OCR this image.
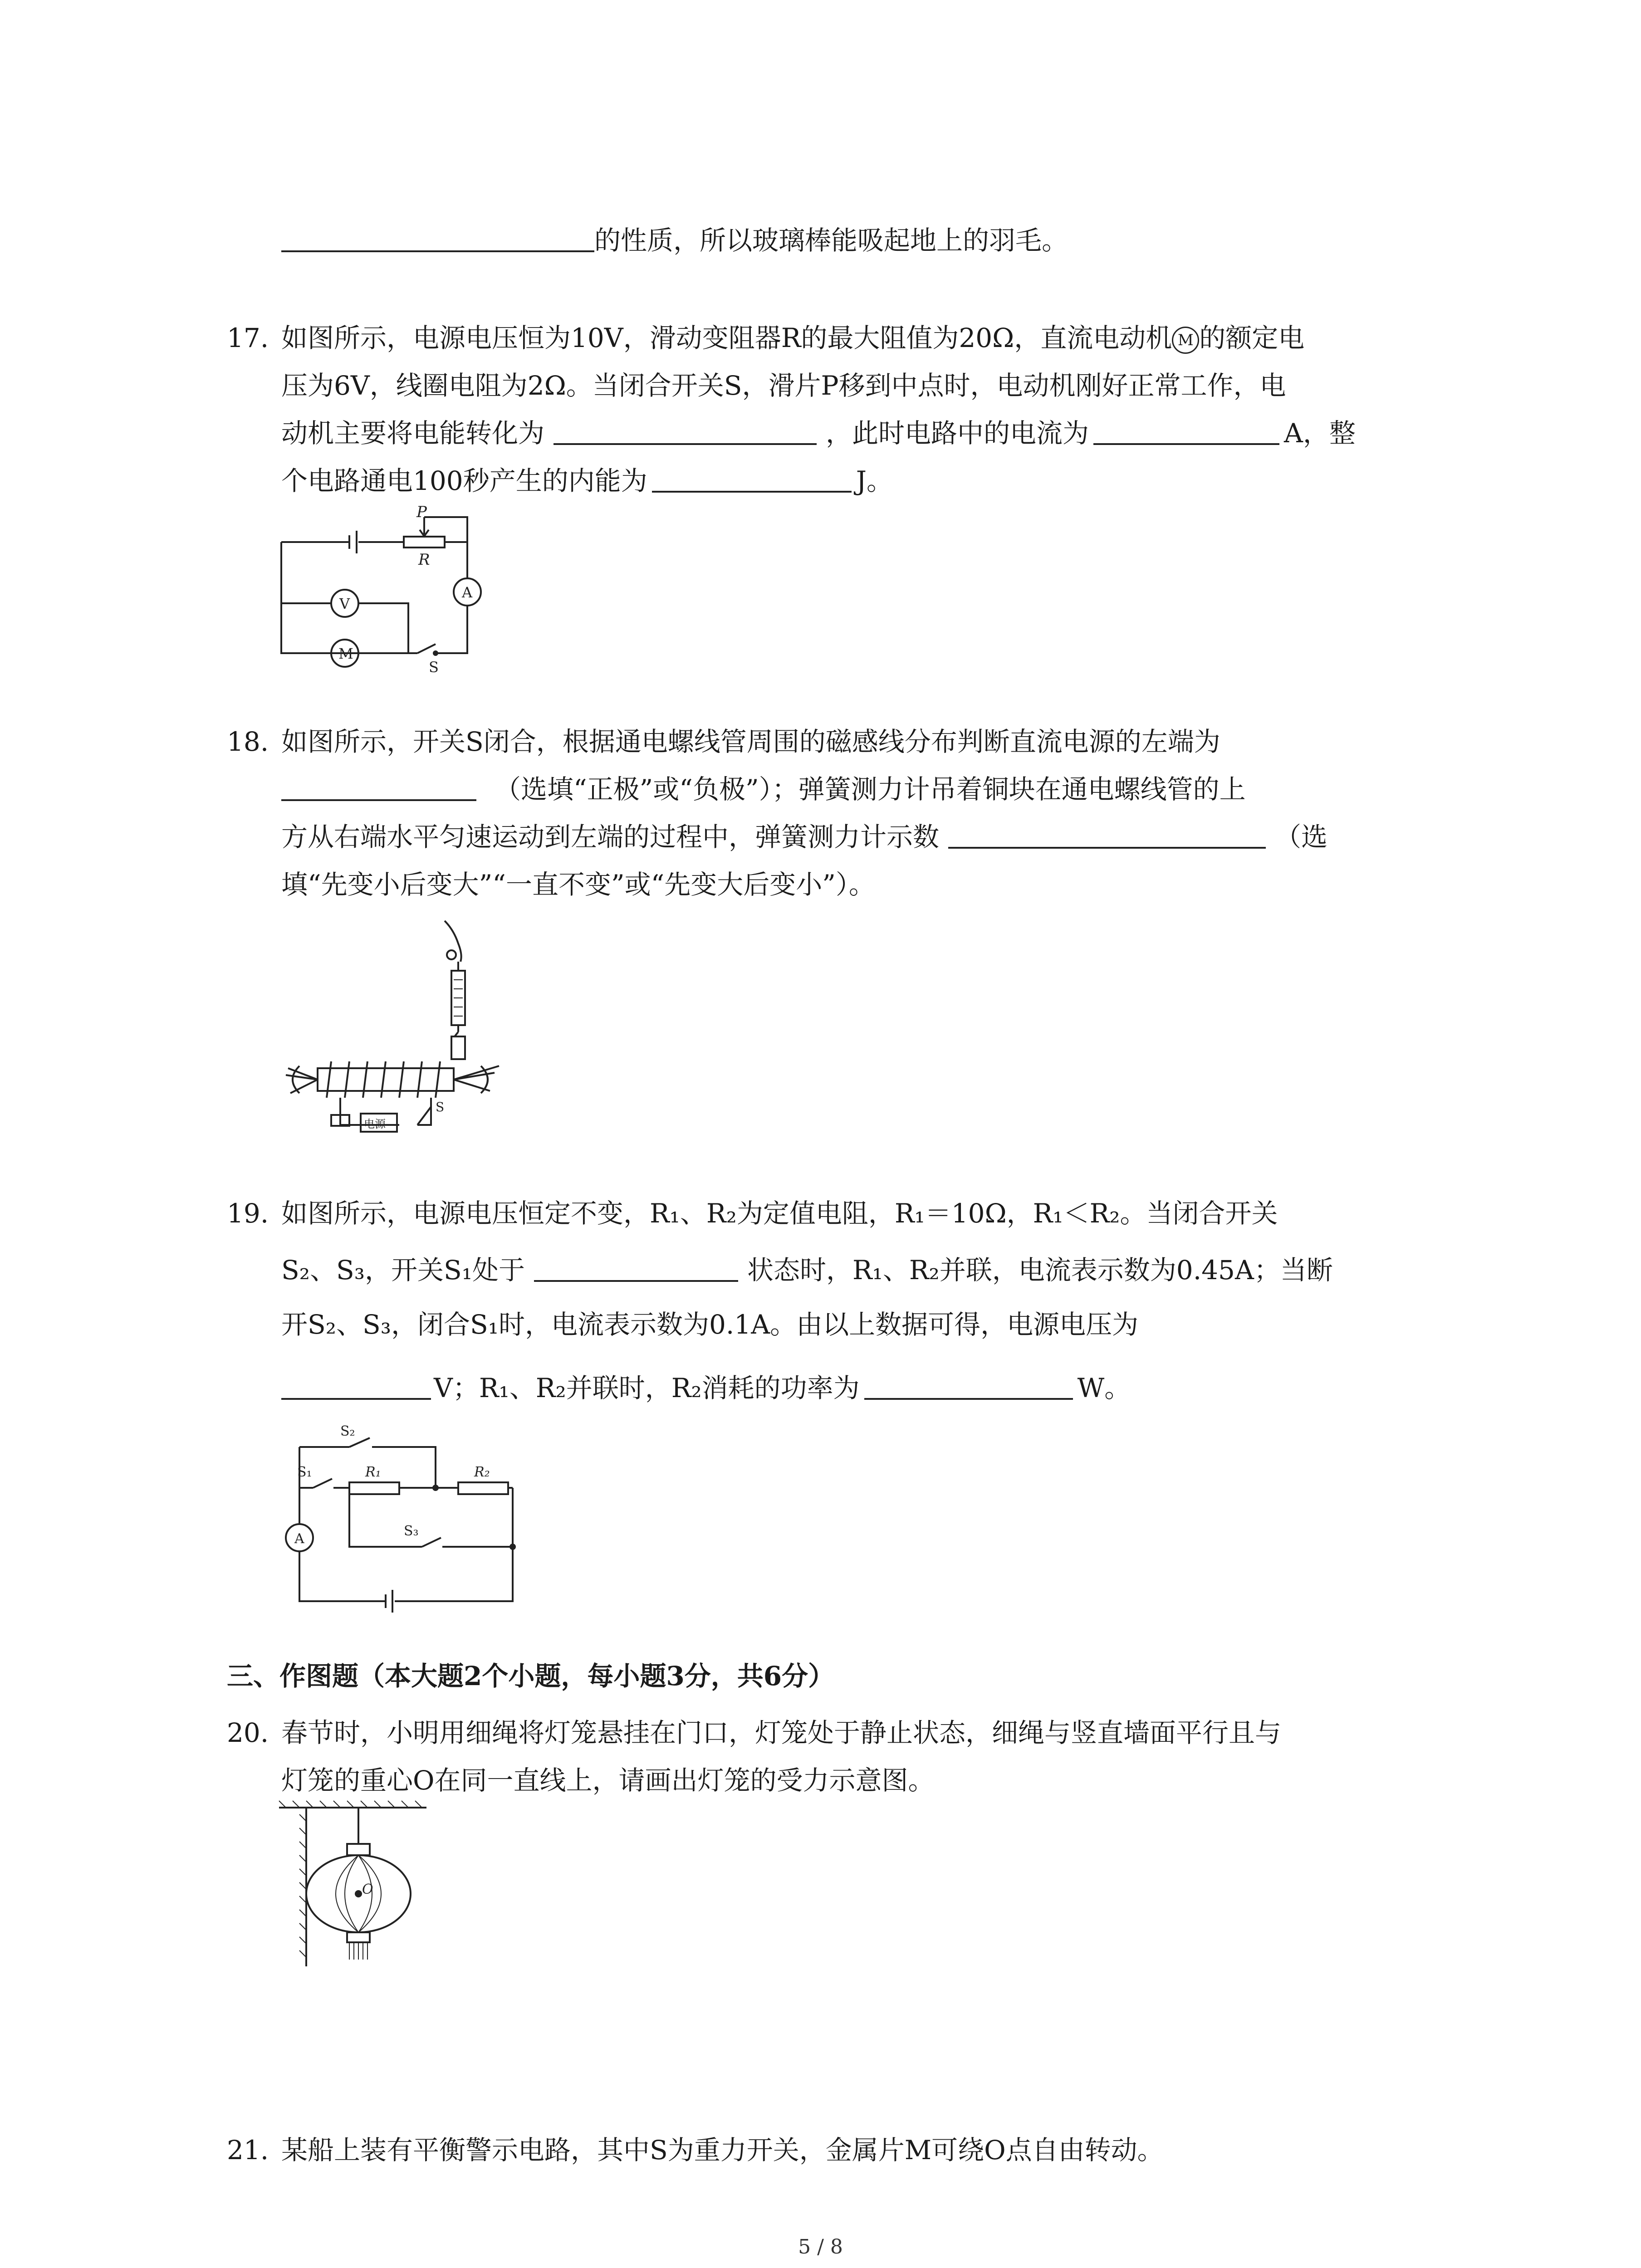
的性质，所以玻璃棒能吸起地上的羽毛。
17. 如图所示，电源电压恒为10V，滑动变阻器R的最大阻值为20Ω，直流电动机 M 的额定电
压为6V，线圈电阻为2Ω。当闭合开关S，滑片P移到中点时，电动机刚好正常工作，电
动机主要将电能转化为	，此时电路中的电流为	A，整
个电路通电100秒产生的内能为	J。
P
R
A
V
M
S
18. 如图所示，开关S闭合，根据通电螺线管周围的磁感线分布判断直流电源的左端为
（选填“正极”或“负极”）；弹簧测力计吊着铜块在通电螺线管的上
方从右端水平匀速运动到左端的过程中，弹簧测力计示数	（选
填“先变小后变大”“一直不变”或“先变大后变小”）。
电源
S
19. 如图所示，电源电压恒定不变，R₁、R₂为定值电阻，R₁＝10Ω，R₁＜R₂。当闭合开关
S₂、S₃，开关S₁处于	状态时，R₁、R₂并联，电流表示数为0.45A；当断
开S₂、S₃，闭合S₁时，电流表示数为0.1A。由以上数据可得，电源电压为
V；R₁、R₂并联时，R₂消耗的功率为	W。
S₂
S₁	R₁	R₂
S₃
A
三、作图题（本大题2个小题，每小题3分，共6分）
20. 春节时，小明用细绳将灯笼悬挂在门口，灯笼处于静止状态，细绳与竖直墙面平行且与
灯笼的重心O在同一直线上，请画出灯笼的受力示意图。
O
21. 某船上装有平衡警示电路，其中S为重力开关，金属片M可绕O点自由转动。
5 / 8
